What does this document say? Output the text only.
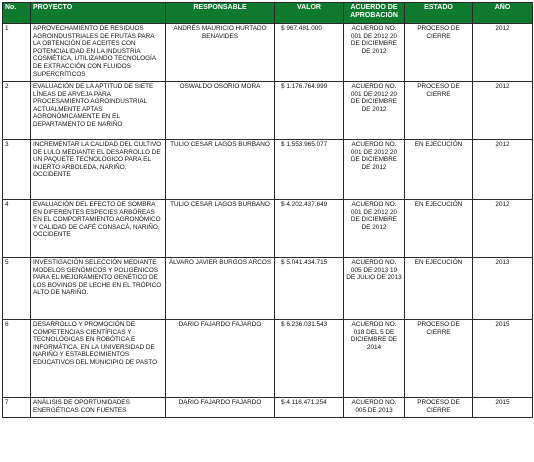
No.	PROYECTO	RESPONSABLE	VALOR	ACUERDO DE APROBACIÓN	ESTADO	AÑO
1	APROVECHAMIENTO DE RESIDUOS AGROINDUSTRIALES DE FRUTAS PARA LA OBTENCIÓN DE ACEITES CON POTENCIALIDAD EN LA INDUSTRIA COSMÉTICA, UTILIZANDO TECNOLOGÍA DE EXTRACCIÓN CON FLUIDOS SUPERCRÍTICOS	ANDRÉS MAURICIO HURTADO BENAVIDES	$ 967.481.000	ACUERDO NO. 001 DE 2012 20 DE DICIEMBRE DE 2012	PROCESO DE CIERRE	2012
2	EVALUACIÓN DE LA APTITUD DE SIETE LÍNEAS DE ARVEJA PARA PROCESAMIENTO AGROINDUSTRIAL ACTUALMENTE APTAS AGRONÓMICAMENTE EN EL DEPARTAMENTO DE NARIÑO	OSWALDO OSORIO MORA	$ 1.176.764.999	ACUERDO NO. 001 DE 2012 20 DE DICIEMBRE DE 2012	PROCESO DE CIERRE	2012
3	INCREMENTAR LA CALIDAD DEL CULTIVO DE LULO MEDIANTE EL DESARROLLO DE UN PAQUETE TECNOLÓGICO PARA EL INJERTO ARBOLEDA, NARIÑO, OCCIDENTE	TULIO CESAR LAGOS BURBANO	$ 1.553.965.077	ACUERDO NO. 001 DE 2012 20 DE DICIEMBRE DE 2012	EN EJECUCIÓN	2012
4	EVALUACIÓN DEL EFECTO DE SOMBRA EN DIFERENTES ESPECIES ARBÓREAS EN EL COMPORTAMIENTO AGRONÓMICO Y CALIDAD DE CAFÉ CONSACÁ, NARIÑO, OCCIDENTE	TULIO CESAR LAGOS BURBANO	$ 4.202.437.649	ACUERDO NO. 001 DE 2012 20 DE DICIEMBRE DE 2012	EN EJECUCIÓN	2012
5	INVESTIGACIÓN SELECCIÓN MEDIANTE MODELOS GENÓMICOS Y POLIGÉNICOS PARA EL MEJORAMIENTO GENÉTICO DE LOS BOVINOS DE LECHE EN EL TRÓPICO ALTO DE NARIÑO.	ÁLVARO JAVIER BURGOS ARCOS	$ 5.041.434.715	ACUERDO NO. 005 DE 2013 19 DE JULIO DE 2013	EN EJECUCIÓN	2013
6	DESARROLLO Y PROMOCIÓN DE COMPETENCIAS CIENTÍFICAS Y TECNOLÓGICAS EN ROBÓTICA E INFORMÁTICA, EN LA UNIVERSIDAD DE NARIÑO Y ESTABLECIMIENTOS EDUCATIVOS DEL MUNICIPIO DE PASTO	DARIO FAJARDO FAJARDO	$ 6.236.031.543	ACUERDO NO. 018 DEL 5 DE DICIEMBRE DE 2014	PROCESO DE CIERRE	2015
7	ANÁLISIS DE OPORTUNIDADES ENERGÉTICAS CON FUENTES	DARIO FAJARDO FAJARDO	$ 4.116.471.254	ACUERDO NO. 005 DE 2013	PROCESO DE CIERRE	2015
